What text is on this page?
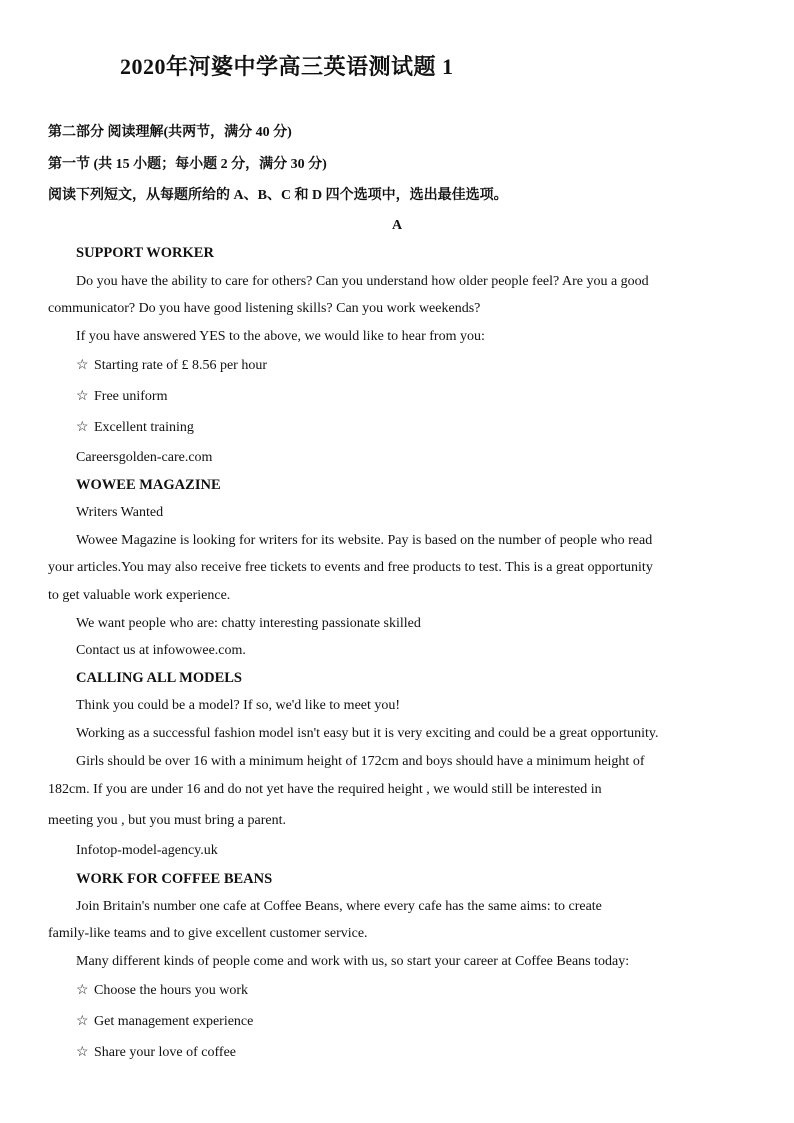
2020年河婆中学高三英语测试题 1
第二部分 阅读理解(共两节，满分 40 分)
第一节 (共 15 小题；每小题 2 分，满分 30 分)
阅读下列短文，从每题所给的 A、B、C 和 D 四个选项中，选出最佳选项。
A
SUPPORT WORKER
Do you have the ability to care for others? Can you understand how older people feel? Are you a good
communicator? Do you have good listening skills? Can you work weekends?
If you have answered YES to the above, we would like to hear from you:
☆ Starting rate of £ 8.56 per hour
☆ Free uniform
☆ Excellent training
Careersgolden-care.com
WOWEE MAGAZINE
Writers Wanted
Wowee Magazine is looking for writers for its website. Pay is based on the number of people who read
your articles.You may also receive free tickets to events and free products to test. This is a great opportunity
to get valuable work experience.
We want people who are: chatty interesting passionate skilled
Contact us at infowowee.com.
CALLING ALL MODELS
Think you could be a model? If so, we'd like to meet you!
Working as a successful fashion model isn't easy but it is very exciting and could be a great opportunity.
Girls should be over 16 with a minimum height of 172cm and boys should have a minimum height of
182cm. If you are under 16 and do not yet have the required height , we would still be interested in
meeting you , but you must bring a parent.
Infotop-model-agency.uk
WORK FOR COFFEE BEANS
Join Britain's number one cafe at Coffee Beans, where every cafe has the same aims: to create
family-like teams and to give excellent customer service.
Many different kinds of people come and work with us, so start your career at Coffee Beans today:
☆ Choose the hours you work
☆ Get management experience
☆ Share your love of coffee
